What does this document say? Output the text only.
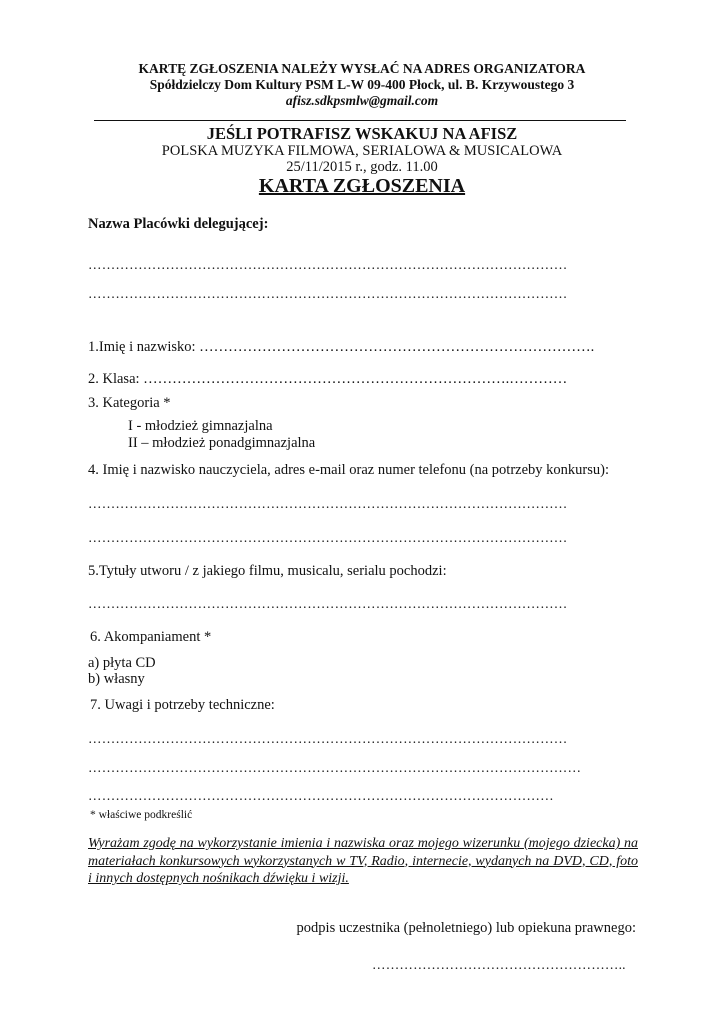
KARTĘ ZGŁOSZENIA NALEŻY WYSŁAĆ NA ADRES ORGANIZATORA
Spółdzielczy Dom Kultury PSM L-W 09-400 Płock, ul. B. Krzywoustego 3
afisz.sdkpsmlw@gmail.com
JEŚLI POTRAFISZ WSKAKUJ NA AFISZ
POLSKA MUZYKA FILMOWA, SERIALOWA & MUSICALOWA
25/11/2015 r., godz. 11.00
KARTA ZGŁOSZENIA
Nazwa Placówki delegującej:
……………………………………………………………………………………………
……………………………………………………………………………………………
1.Imię i nazwisko: ……………………………………………………………………….
2. Klasa: ………………………………………………………………….…………
3. Kategoria *
I - młodzież gimnazjalna
II – młodzież ponadgimnazjalna
4. Imię i nazwisko nauczyciela, adres e-mail oraz numer telefonu (na potrzeby konkursu):
……………………………………………………………………………………………
……………………………………………………………………………………………
5.Tytuły utworu / z jakiego filmu, musicalu, serialu pochodzi:
……………………………………………………………………………………………
6. Akompaniament *
a) płyta CD
b) własny
7. Uwagi i potrzeby techniczne:
……………………………………………………………………………………………
………………………………………………………………………………………………
…………………………………………………………………………………………
* właściwe podkreślić
Wyrażam zgodę na wykorzystanie imienia i nazwiska oraz mojego wizerunku (mojego dziecka) na materiałach konkursowych wykorzystanych w TV, Radio, internecie, wydanych na DVD, CD, foto i innych dostępnych nośnikach dźwięku i wizji.
podpis uczestnika (pełnoletniego) lub opiekuna prawnego:
………………………………………………..
